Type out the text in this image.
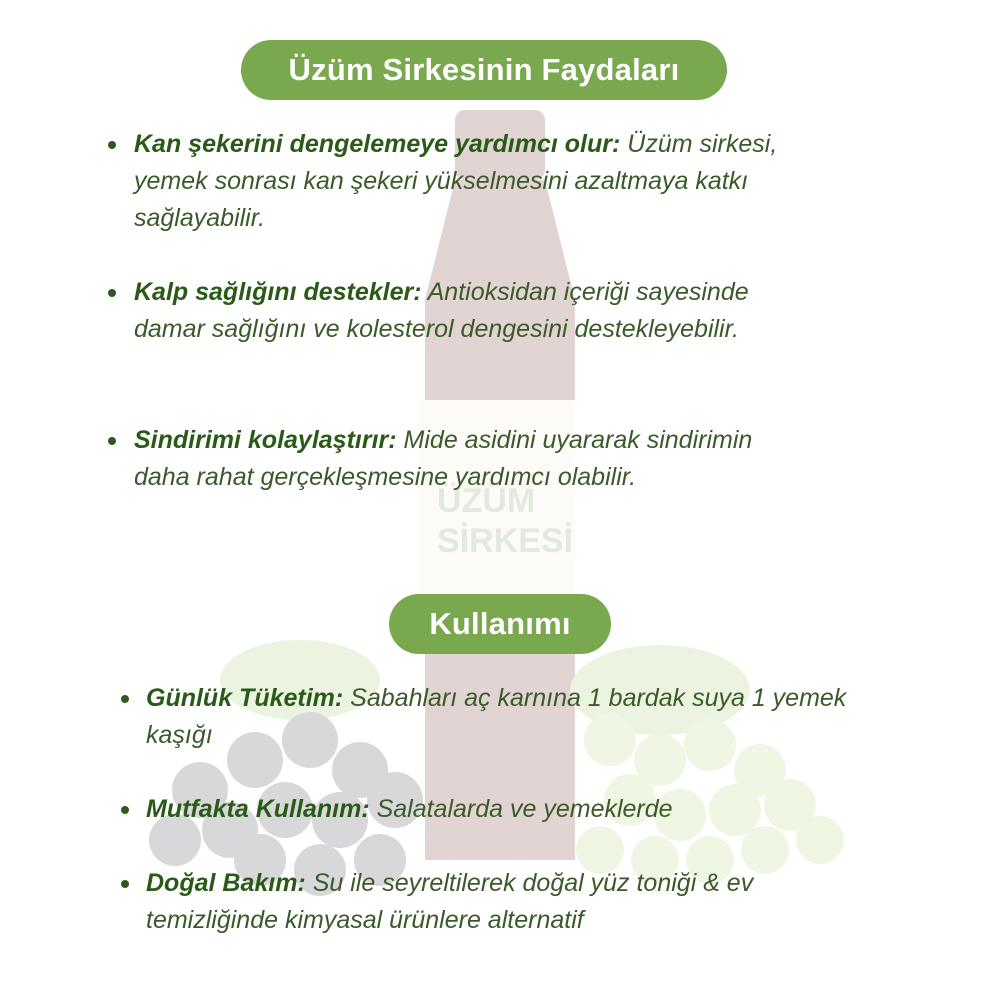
Üzüm Sirkesinin Faydaları
Kan şekerini dengelemeye yardımcı olur: Üzüm sirkesi, yemek sonrası kan şekeri yükselmesini azaltmaya katkı sağlayabilir.
Kalp sağlığını destekler: Antioksidan içeriği sayesinde damar sağlığını ve kolesterol dengesini destekleyebilir.
Sindirimi kolaylaştırır: Mide asidini uyararak sindirimin daha rahat gerçekleşmesine yardımcı olabilir.
Kullanımı
Günlük Tüketim: Sabahları aç karnına 1 bardak suya 1 yemek kaşığı
Mutfakta Kullanım: Salatalarda ve yemeklerde
Doğal Bakım: Su ile seyreltilerek doğal yüz toniği & ev temizliğinde kimyasal ürünlere alternatif
